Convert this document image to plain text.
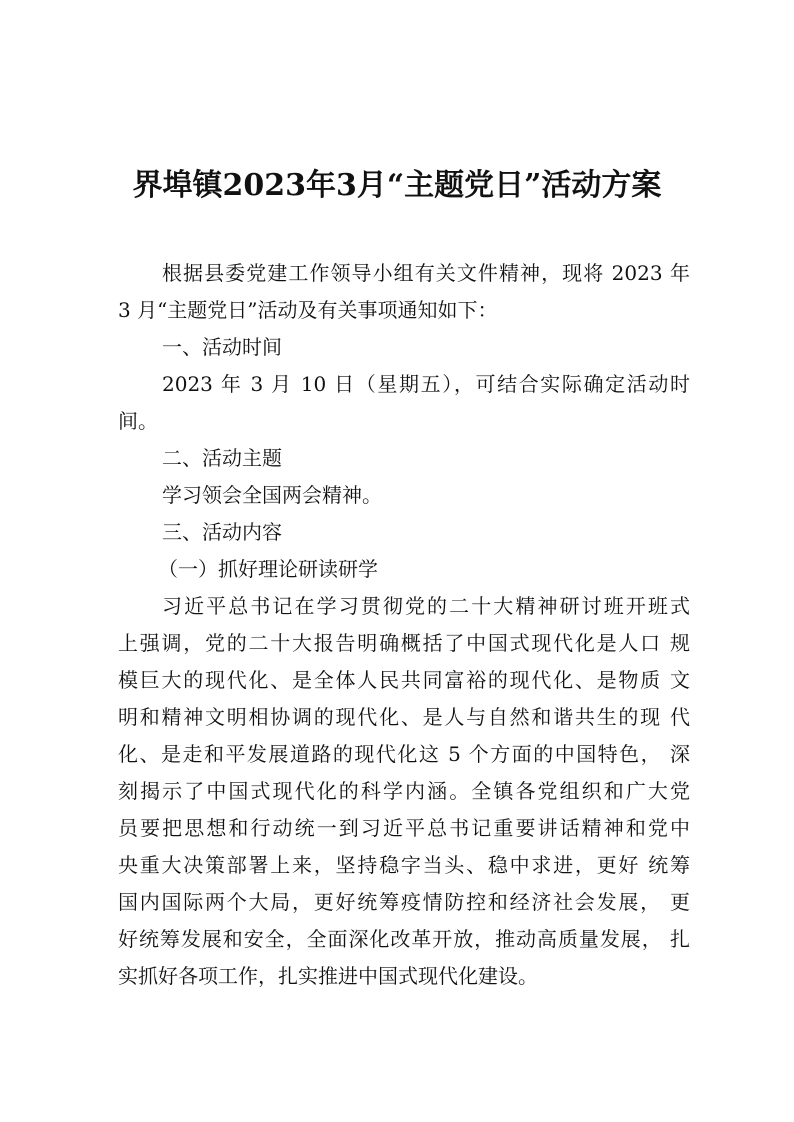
界埠镇2023年3月“主题党日”活动方案
根据县委党建工作领导小组有关文件精神，现将 2023 年
3 月“主题党日”活动及有关事项通知如下：
一、活动时间
2023 年 3 月 10 日（星期五），可结合实际确定活动时
间。
二、活动主题
学习领会全国两会精神。
三、活动内容
（一）抓好理论研读研学
习近平总书记在学习贯彻党的二十大精神研讨班开班式
上强调，党的二十大报告明确概括了中国式现代化是人口 规
模巨大的现代化、是全体人民共同富裕的现代化、是物质 文
明和精神文明相协调的现代化、是人与自然和谐共生的现 代
化、是走和平发展道路的现代化这 5 个方面的中国特色， 深
刻揭示了中国式现代化的科学内涵。全镇各党组织和广大党
员要把思想和行动统一到习近平总书记重要讲话精神和党中
央重大决策部署上来，坚持稳字当头、稳中求进，更好 统筹
国内国际两个大局，更好统筹疫情防控和经济社会发展， 更
好统筹发展和安全，全面深化改革开放，推动高质量发展， 扎
实抓好各项工作，扎实推进中国式现代化建设。
